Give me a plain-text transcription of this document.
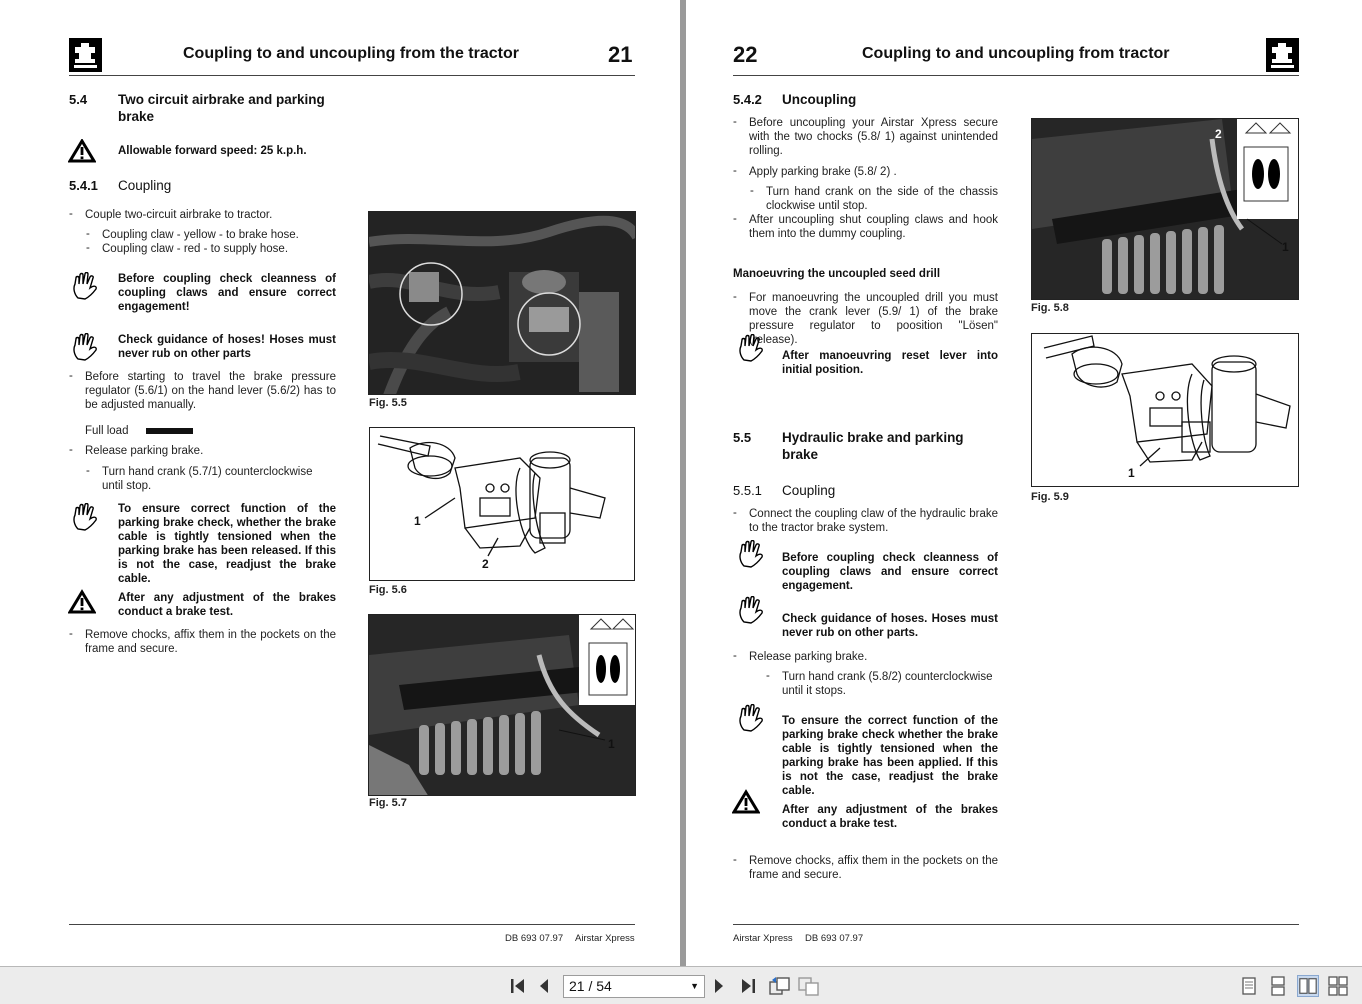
Coupling to and uncoupling from the tractor	21
5.4 Two circuit airbrake and parking
brake
Allowable forward speed: 25 k.p.h.
5.4.1 Coupling
- Couple two-circuit airbrake to tractor.
- Coupling claw - yellow - to brake hose.
- Coupling claw - red - to supply hose.
Before coupling check cleanness of coupling claws and ensure correct engagement!
Check guidance of hoses! Hoses must never rub on other parts
- Before starting to travel the brake pressure regulator (5.6/1) on the hand lever (5.6/2) has to be adjusted manually.
Full load
- Release parking brake.
- Turn hand crank (5.7/1) counterclockwise until stop.
To ensure correct function of the parking brake check, whether the brake cable is tightly tensioned when the parking brake has been released. If this is not the case, readjust the brake cable.
After any adjustment of the brakes conduct a brake test.
- Remove chocks, affix them in the pockets on the frame and secure.
Fig. 5.5
1
2
Fig. 5.6
1
Fig. 5.7
DB 693 07.97 Airstar Xpress
22	Coupling to and uncoupling from tractor
5.4.2 Uncoupling
- Before uncoupling your Airstar Xpress secure with the two chocks (5.8/ 1) against unintended rolling.
- Apply parking brake (5.8/ 2) .
- Turn hand crank on the side of the chassis clockwise until stop.
- After uncoupling shut coupling claws and hook them into the dummy coupling.
Manoeuvring the uncoupled seed drill
- For manoeuvring the uncoupled drill you must move the crank lever (5.9/ 1) of the brake pressure regulator to poosition "Lösen" (release).
After manoeuvring reset lever into initial position.
5.5 Hydraulic brake and parking
brake
5.5.1 Coupling
- Connect the coupling claw of the hydraulic brake to the tractor brake system.
Before coupling check cleanness of coupling claws and ensure correct engagement.
Check guidance of hoses. Hoses must never rub on other parts.
- Release parking brake.
- Turn hand crank (5.8/2) counterclockwise until it stops.
To ensure the correct function of the parking brake check whether the brake cable is tightly tensioned when the parking brake has been applied. If this is not the case, readjust the brake cable.
After any adjustment of the brakes conduct a brake test.
- Remove chocks, affix them in the pockets on the frame and secure.
2
1
Fig. 5.8
1
Fig. 5.9
Airstar Xpress DB 693 07.97
21 / 54	▼
